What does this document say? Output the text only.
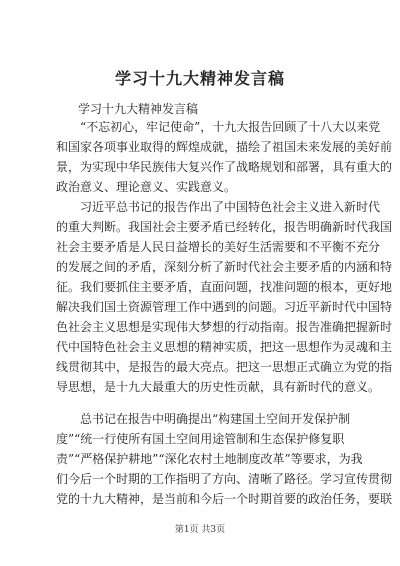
学习十九大精神发言稿
学习十九大精神发言稿
“不忘初心，牢记使命”，十九大报告回顾了十八大以来党
和国家各项事业取得的辉煌成就，描绘了祖国未来发展的美好前
景，为实现中华民族伟大复兴作了战略规划和部署，具有重大的
政治意义、理论意义、实践意义。
习近平总书记的报告作出了中国特色社会主义进入新时代
的重大判断。我国社会主要矛盾已经转化，报告明确新时代我国
社会主要矛盾是人民日益增长的美好生活需要和不平衡不充分
的发展之间的矛盾，深刻分析了新时代社会主要矛盾的内涵和特
征。我们要抓住主要矛盾，直面问题，找准问题的根本，更好地
解决我们国土资源管理工作中遇到的问题。习近平新时代中国特
色社会主义思想是实现伟大梦想的行动指南。报告准确把握新时
代中国特色社会主义思想的精神实质，把这一思想作为灵魂和主
线贯彻其中，是报告的最大亮点。把这一思想正式确立为党的指
导思想，是十九大最重大的历史性贡献，具有新时代的意义。
总书记在报告中明确提出“构建国土空间开发保护制
度”“统一行使所有国土空间用途管制和生态保护修复职
责”“严格保护耕地”“深化农村土地制度改革”等要求，为我
们今后一个时期的工作指明了方向、清晰了路径。学习宣传贯彻
党的十九大精神，是当前和今后一个时期首要的政治任务，要联
第1页 共3页
